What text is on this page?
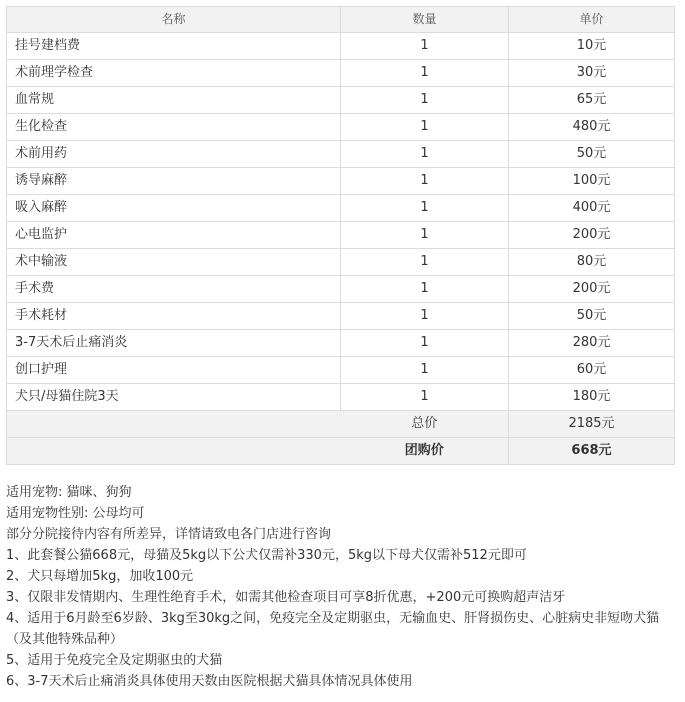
名称	数量	单价
挂号建档费	1	10元
术前理学检查	1	30元
血常规	1	65元
生化检查	1	480元
术前用药	1	50元
诱导麻醉	1	100元
吸入麻醉	1	400元
心电监护	1	200元
术中输液	1	80元
手术费	1	200元
手术耗材	1	50元
3-7天术后止痛消炎	1	280元
创口护理	1	60元
犬只/母猫住院3天	1	180元
	总价	2185元
	团购价	668元
适用宠物: 猫咪、狗狗
适用宠物性别: 公母均可
部分分院接待内容有所差异，详情请致电各门店进行咨询
1、此套餐公猫668元，母猫及5kg以下公犬仅需补330元，5kg以下母犬仅需补512元即可
2、犬只每增加5kg，加收100元
3、仅限非发情期内、生理性绝育手术，如需其他检查项目可享8折优惠，+200元可换购超声洁牙
4、适用于6月龄至6岁龄、3kg至30kg之间，免疫完全及定期驱虫，无输血史、肝肾损伤史、心脏病史非短吻犬猫（及其他特殊品种）
5、适用于免疫完全及定期驱虫的犬猫
6、3-7天术后止痛消炎具体使用天数由医院根据犬猫具体情况具体使用
